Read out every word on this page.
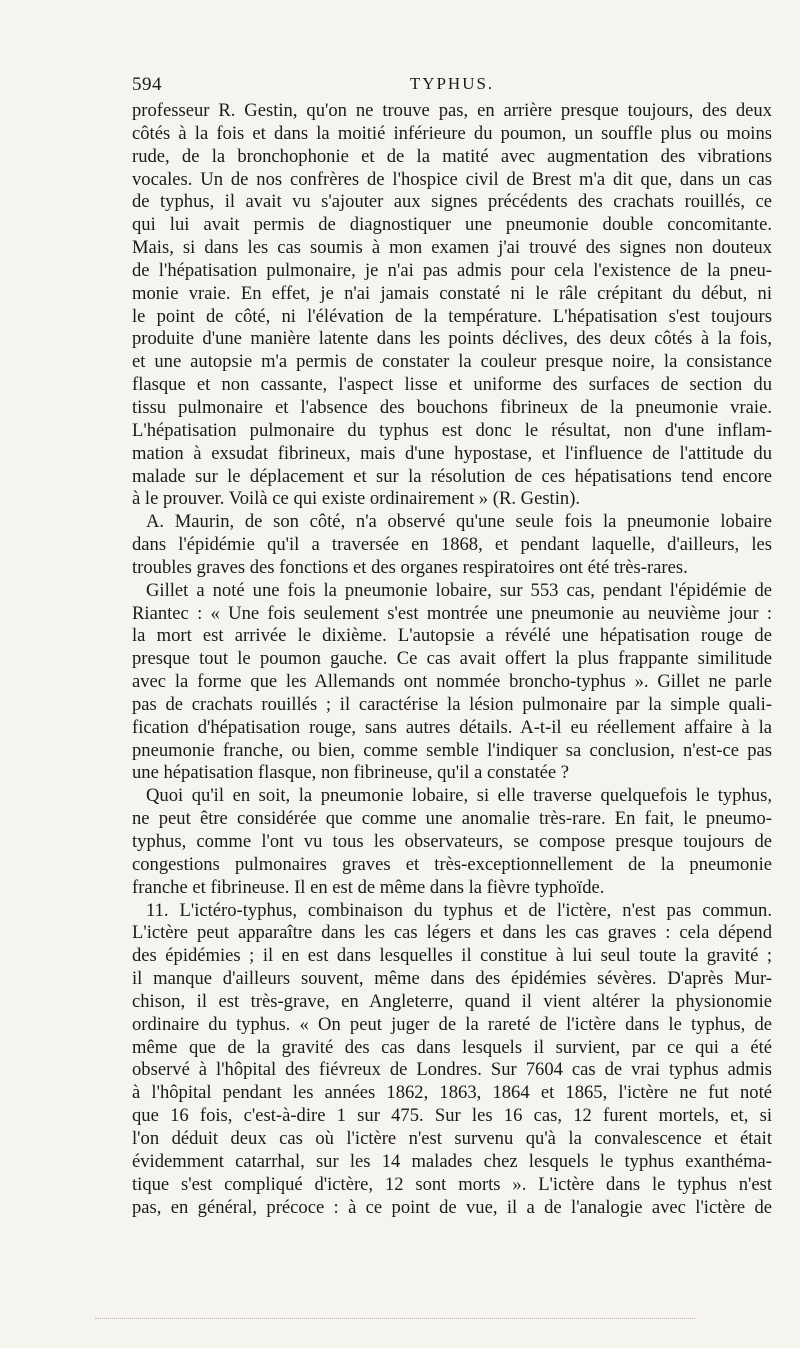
594	TYPHUS.
professeur R. Gestin, qu'on ne trouve pas, en arrière presque toujours, des deux
côtés à la fois et dans la moitié inférieure du poumon, un souffle plus ou moins
rude, de la bronchophonie et de la matité avec augmentation des vibrations
vocales. Un de nos confrères de l'hospice civil de Brest m'a dit que, dans un cas
de typhus, il avait vu s'ajouter aux signes précédents des crachats rouillés, ce
qui lui avait permis de diagnostiquer une pneumonie double concomitante.
Mais, si dans les cas soumis à mon examen j'ai trouvé des signes non douteux
de l'hépatisation pulmonaire, je n'ai pas admis pour cela l'existence de la pneu-
monie vraie. En effet, je n'ai jamais constaté ni le râle crépitant du début, ni
le point de côté, ni l'élévation de la température. L'hépatisation s'est toujours
produite d'une manière latente dans les points déclives, des deux côtés à la fois,
et une autopsie m'a permis de constater la couleur presque noire, la consistance
flasque et non cassante, l'aspect lisse et uniforme des surfaces de section du
tissu pulmonaire et l'absence des bouchons fibrineux de la pneumonie vraie.
L'hépatisation pulmonaire du typhus est donc le résultat, non d'une inflam-
mation à exsudat fibrineux, mais d'une hypostase, et l'influence de l'attitude du
malade sur le déplacement et sur la résolution de ces hépatisations tend encore
à le prouver. Voilà ce qui existe ordinairement » (R. Gestin).
A. Maurin, de son côté, n'a observé qu'une seule fois la pneumonie lobaire
dans l'épidémie qu'il a traversée en 1868, et pendant laquelle, d'ailleurs, les
troubles graves des fonctions et des organes respiratoires ont été très-rares.
Gillet a noté une fois la pneumonie lobaire, sur 553 cas, pendant l'épidémie de
Riantec : « Une fois seulement s'est montrée une pneumonie au neuvième jour :
la mort est arrivée le dixième. L'autopsie a révélé une hépatisation rouge de
presque tout le poumon gauche. Ce cas avait offert la plus frappante similitude
avec la forme que les Allemands ont nommée broncho-typhus ». Gillet ne parle
pas de crachats rouillés ; il caractérise la lésion pulmonaire par la simple quali-
fication d'hépatisation rouge, sans autres détails. A-t-il eu réellement affaire à la
pneumonie franche, ou bien, comme semble l'indiquer sa conclusion, n'est-ce pas
une hépatisation flasque, non fibrineuse, qu'il a constatée ?
Quoi qu'il en soit, la pneumonie lobaire, si elle traverse quelquefois le typhus,
ne peut être considérée que comme une anomalie très-rare. En fait, le pneumo-
typhus, comme l'ont vu tous les observateurs, se compose presque toujours de
congestions pulmonaires graves et très-exceptionnellement de la pneumonie
franche et fibrineuse. Il en est de même dans la fièvre typhoïde.
11. L'ictéro-typhus, combinaison du typhus et de l'ictère, n'est pas commun.
L'ictère peut apparaître dans les cas légers et dans les cas graves : cela dépend
des épidémies ; il en est dans lesquelles il constitue à lui seul toute la gravité ;
il manque d'ailleurs souvent, même dans des épidémies sévères. D'après Mur-
chison, il est très-grave, en Angleterre, quand il vient altérer la physionomie
ordinaire du typhus. « On peut juger de la rareté de l'ictère dans le typhus, de
même que de la gravité des cas dans lesquels il survient, par ce qui a été
observé à l'hôpital des fiévreux de Londres. Sur 7604 cas de vrai typhus admis
à l'hôpital pendant les années 1862, 1863, 1864 et 1865, l'ictère ne fut noté
que 16 fois, c'est-à-dire 1 sur 475. Sur les 16 cas, 12 furent mortels, et, si
l'on déduit deux cas où l'ictère n'est survenu qu'à la convalescence et était
évidemment catarrhal, sur les 14 malades chez lesquels le typhus exanthéma-
tique s'est compliqué d'ictère, 12 sont morts ». L'ictère dans le typhus n'est
pas, en général, précoce : à ce point de vue, il a de l'analogie avec l'ictère de
